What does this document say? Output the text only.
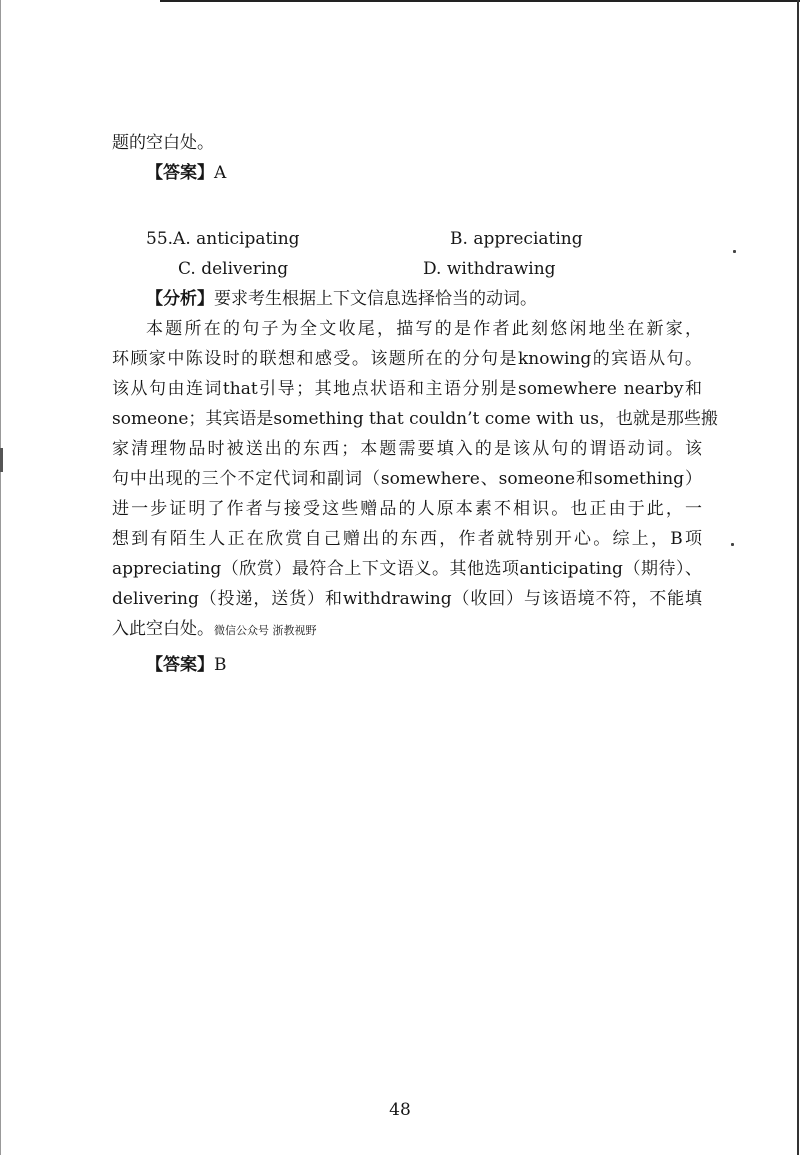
题的空白处。
【答案】A
55.A. anticipating	B. appreciating
C. delivering	D. withdrawing
【分析】要求考生根据上下文信息选择恰当的动词。
本题所在的句子为全文收尾，描写的是作者此刻悠闲地坐在新家，
环顾家中陈设时的联想和感受。该题所在的分句是knowing的宾语从句。
该从句由连词that引导；其地点状语和主语分别是somewhere nearby和
someone；其宾语是something that couldn’t come with us，也就是那些搬
家清理物品时被送出的东西；本题需要填入的是该从句的谓语动词。该
句中出现的三个不定代词和副词（somewhere、someone和something）
进一步证明了作者与接受这些赠品的人原本素不相识。也正由于此，一
想到有陌生人正在欣赏自己赠出的东西，作者就特别开心。综上，B项
appreciating（欣赏）最符合上下文语义。其他选项anticipating（期待）、
delivering（投递，送货）和withdrawing（收回）与该语境不符，不能填
入此空白处。微信公众号 浙教视野
【答案】B
48
